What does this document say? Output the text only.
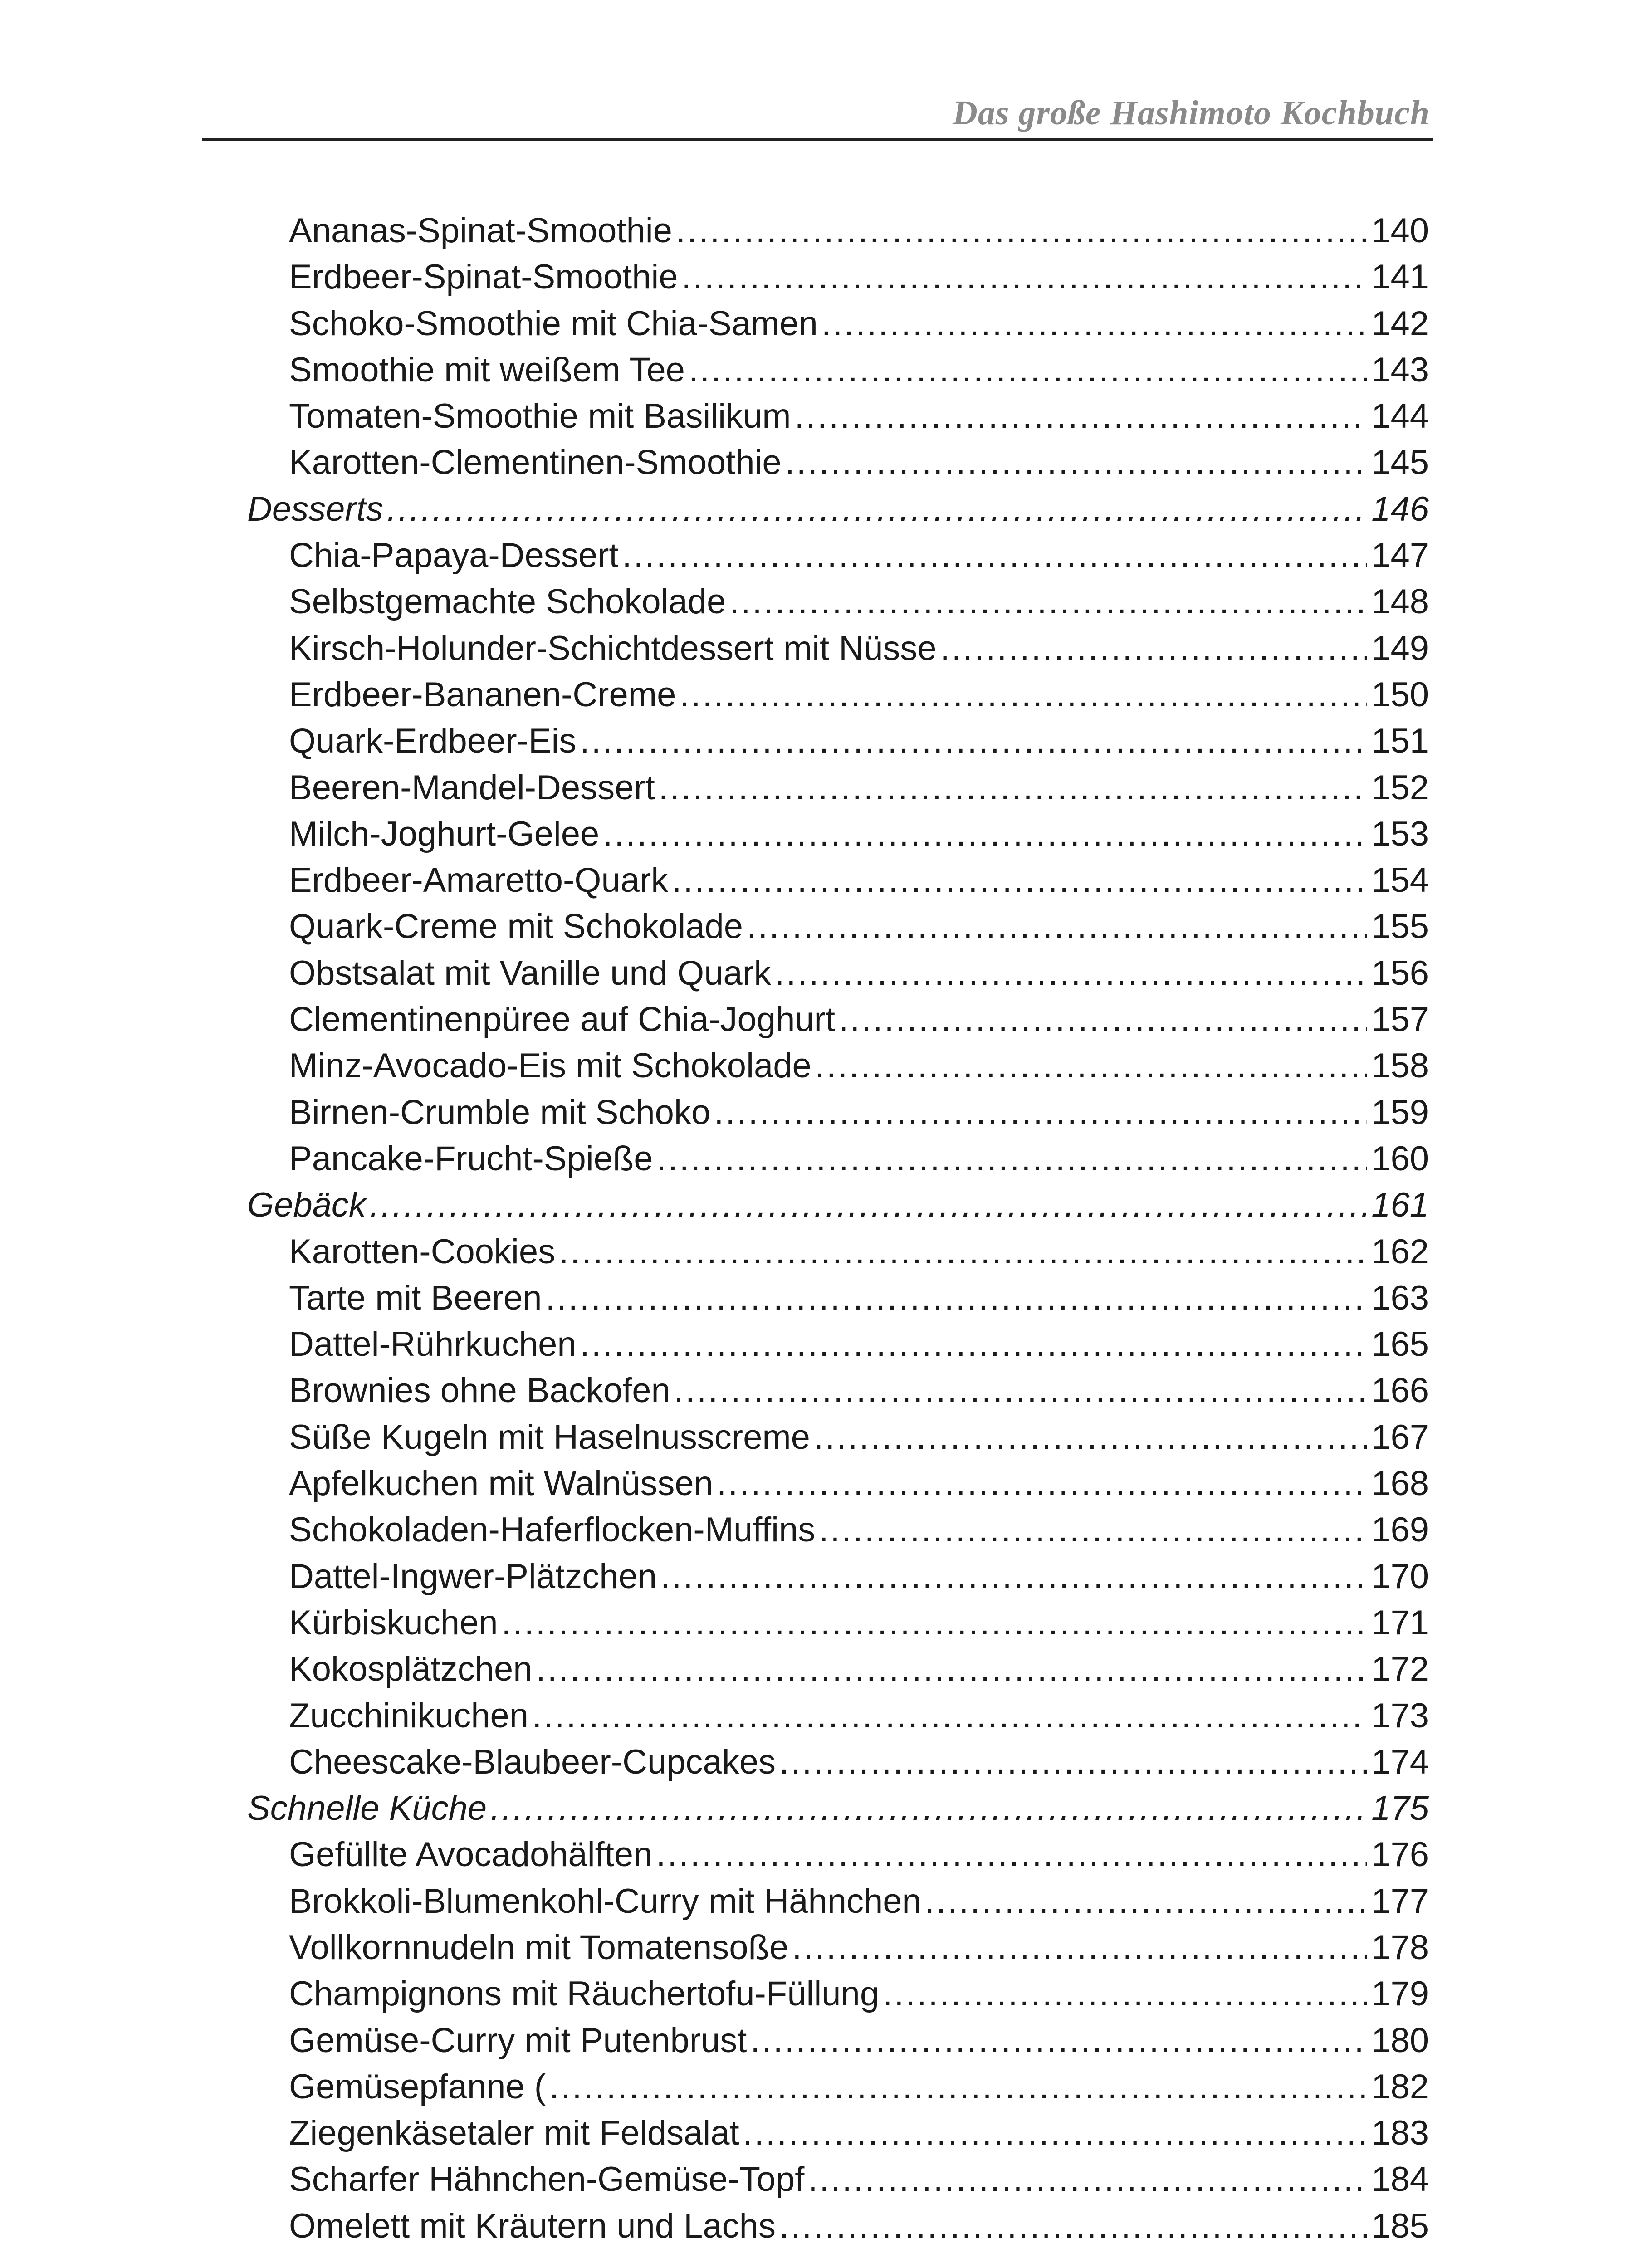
Das große Hashimoto Kochbuch
Ananas-Spinat-Smoothie .....	140
Erdbeer-Spinat-Smoothie .....	141
Schoko-Smoothie mit Chia-Samen .....	142
Smoothie mit weißem Tee .....	143
Tomaten-Smoothie mit Basilikum .....	144
Karotten-Clementinen-Smoothie .....	145
Desserts .....	146
Chia-Papaya-Dessert .....	147
Selbstgemachte Schokolade .....	148
Kirsch-Holunder-Schichtdessert mit Nüsse .....	149
Erdbeer-Bananen-Creme .....	150
Quark-Erdbeer-Eis .....	151
Beeren-Mandel-Dessert .....	152
Milch-Joghurt-Gelee .....	153
Erdbeer-Amaretto-Quark .....	154
Quark-Creme mit Schokolade .....	155
Obstsalat mit Vanille und Quark .....	156
Clementinenpüree auf Chia-Joghurt .....	157
Minz-Avocado-Eis mit Schokolade .....	158
Birnen-Crumble mit Schoko .....	159
Pancake-Frucht-Spieße .....	160
Gebäck .....	161
Karotten-Cookies .....	162
Tarte mit Beeren .....	163
Dattel-Rührkuchen .....	165
Brownies ohne Backofen .....	166
Süße Kugeln mit Haselnusscreme .....	167
Apfelkuchen mit Walnüssen .....	168
Schokoladen-Haferflocken-Muffins .....	169
Dattel-Ingwer-Plätzchen .....	170
Kürbiskuchen .....	171
Kokosplätzchen .....	172
Zucchinikuchen .....	173
Cheescake-Blaubeer-Cupcakes .....	174
Schnelle Küche .....	175
Gefüllte Avocadohälften .....	176
Brokkoli-Blumenkohl-Curry mit Hähnchen .....	177
Vollkornnudeln mit Tomatensoße .....	178
Champignons mit Räuchertofu-Füllung .....	179
Gemüse-Curry mit Putenbrust .....	180
Gemüsepfanne ( .....	182
Ziegenkäsetaler mit Feldsalat .....	183
Scharfer Hähnchen-Gemüse-Topf .....	184
Omelett mit Kräutern und Lachs .....	185
